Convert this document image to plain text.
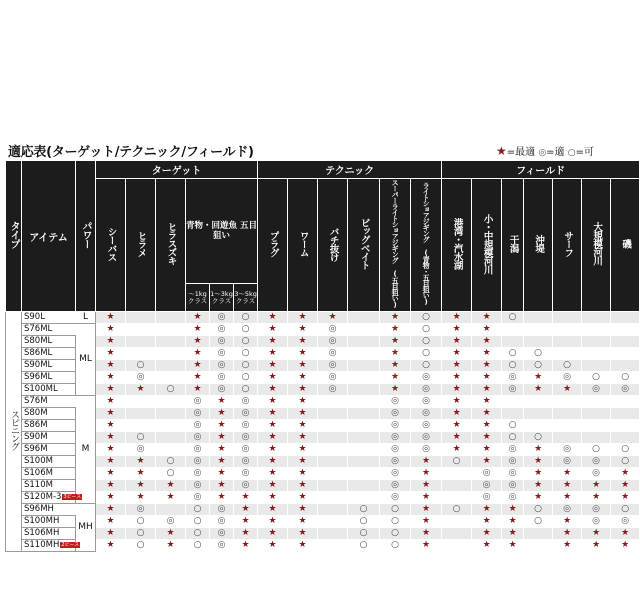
適応表(ターゲット/テクニック/フィールド)	★=最適 ◎=適 ○=可
タイプ	アイテム	パワー	ターゲット						テクニック						フィールド						
			シーバス	ヒラメ	ヒラスズキ	青物・回遊魚 五目狙い			プラグ	ワーム	バチ抜け	ビッグベイト	スーパーライトショアジギング (五目狙い)	ライトショアジギング (青物・五目狙い)	港湾・汽水湖	小・中規模河川	干潟	沖堤	サーフ	大規模河川	磯
						〜1kg クラス	1〜3kg クラス	3〜5kg クラス													
スピニング	S90L	L	★			★	◎	○	★	★	★		★	○	★	★	○				
	S76ML	ML	★			★	◎	○	★	★	◎		★	○	★	★					
	S80ML		★			★	◎	○	★	★	◎		★	○	★	★					
	S86ML		★			★	◎	○	★	★	◎		★	○	★	★	○	○			
	S90ML		★	○		★	◎	○	★	★	◎		★	○	★	★	○	○	○		
	S96ML		★	◎		★	◎	○	★	★	◎		★	◎	★	★	◎	★	◎	○	○
	S100ML		★	★	○	★	◎	○	★	★	◎		★	◎	★	★	◎	★	★	◎	◎
	S76M	M	★			◎	★	◎	★	★			◎	◎	★	★					
	S80M		★			◎	★	◎	★	★			◎	◎	★	★					
	S86M		★			◎	★	◎	★	★			◎	◎	★	★	○				
	S90M		★	○		◎	★	◎	★	★			◎	◎	★	★	○	○			
	S96M		★	◎		◎	★	◎	★	★			◎	◎	★	★	◎	★	◎	○	○
	S100M		★	★	○	◎	★	◎	★	★			◎	★	○	★	◎	★	◎	◎	○
	S106M		★	★	○	◎	★	◎	★	★			◎	★		◎	◎	★	★	◎	★
	S110M		★	★	★	◎	★	◎	★	★			◎	★		◎	◎	★	★	★	★
	S120M-3 3ピース		★	★	★	◎	★	★	★	★			◎	★		◎	◎	★	★	★	★
	S96MH	MH	★	◎		○	◎	★	★	★		○	○	★	○	★	★	○	◎	◎	○
	S100MH		★	○	◎	○	◎	★	★	★		○	○	★		★	★	○	★	◎	◎
	S106MH		★	○	★	○	◎	★	★	★		○	○	★		★	★		★	★	★
	S110MH 2ピース		★	○	★	○	◎	★	★	★		○	○	★		★	★		★	★	★
